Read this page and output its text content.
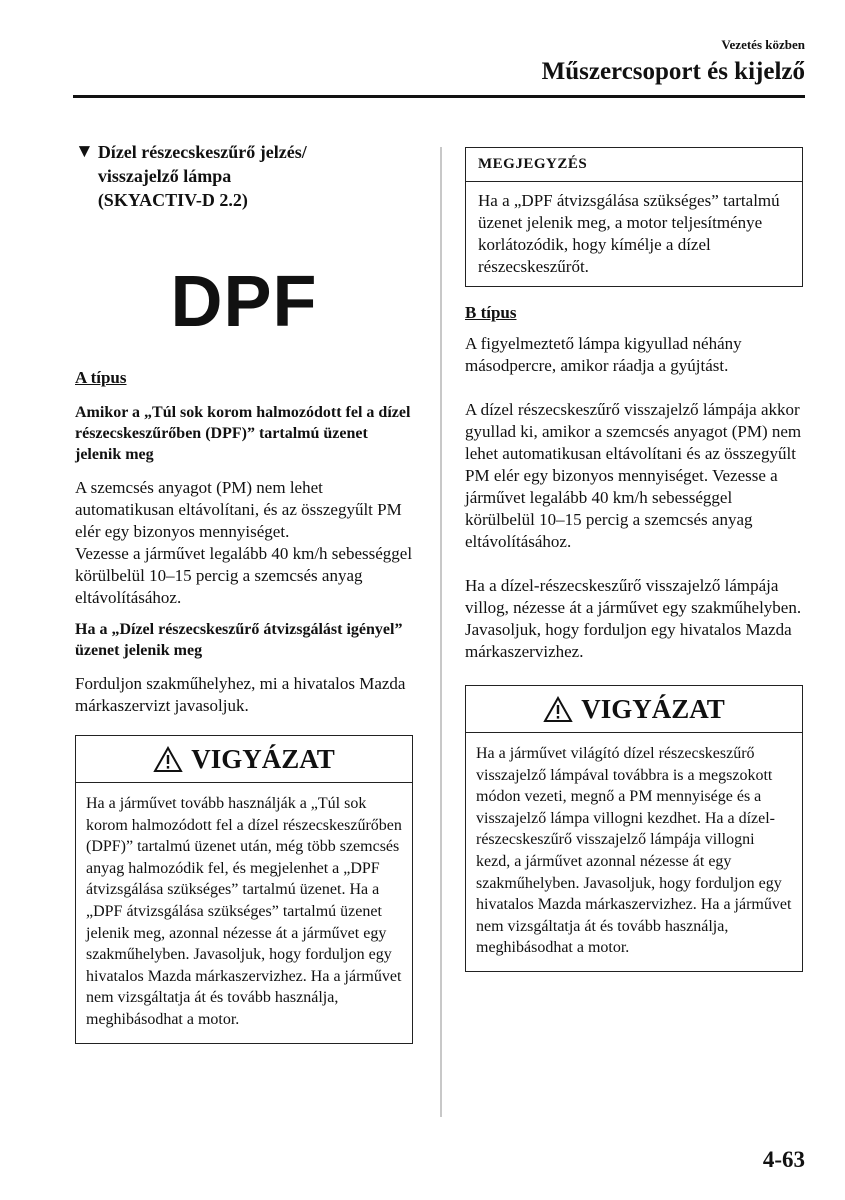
Vezetés közben
Műszercsoport és kijelző
▼ Dízel részecskeszűrő jelzés/
visszajelző lámpa
(SKYACTIV-D 2.2)
DPF
A típus

Amikor a „Túl sok korom halmozódott fel a dízel részecskeszűrőben (DPF)” tartalmú üzenet jelenik meg

A szemcsés anyagot (PM) nem lehet automatikusan eltávolítani, és az összegyűlt PM elér egy bizonyos mennyiséget.

Vezesse a járművet legalább 40 km/h sebességgel körülbelül 10–15 percig a szemcsés anyag eltávolításához.

Ha a „Dízel részecskeszűrő átvizsgálást igényel” üzenet jelenik meg

Forduljon szakműhelyhez, mi a hivatalos Mazda márkaszervizt javasoljuk.

VIGYÁZAT
Ha a járművet tovább használják a „Túl sok korom halmozódott fel a dízel részecskeszűrőben (DPF)” tartalmú üzenet után, még több szemcsés anyag halmozódik fel, és megjelenhet a „DPF átvizsgálása szükséges” tartalmú üzenet. Ha a „DPF átvizsgálása szükséges” tartalmú üzenet jelenik meg, azonnal nézesse át a járművet egy szakműhelyben. Javasoljuk, hogy forduljon egy hivatalos Mazda márkaszervizhez. Ha a járművet nem vizsgáltatja át és tovább használja, meghibásodhat a motor.
MEGJEGYZÉS
Ha a „DPF átvizsgálása szükséges” tartalmú üzenet jelenik meg, a motor teljesítménye korlátozódik, hogy kímélje a dízel részecskeszűrőt.
B típus

A figyelmeztető lámpa kigyullad néhány másodpercre, amikor ráadja a gyújtást.

A dízel részecskeszűrő visszajelző lámpája akkor gyullad ki, amikor a szemcsés anyagot (PM) nem lehet automatikusan eltávolítani és az összegyűlt PM elér egy bizonyos mennyiséget. Vezesse a járművet legalább 40 km/h sebességgel körülbelül 10–15 percig a szemcsés anyag eltávolításához.

Ha a dízel-részecskeszűrő visszajelző lámpája villog, nézesse át a járművet egy szakműhelyben. Javasoljuk, hogy forduljon egy hivatalos Mazda márkaszervizhez.

VIGYÁZAT
Ha a járművet világító dízel részecskeszűrő visszajelző lámpával továbbra is a megszokott módon vezeti, megnő a PM mennyisége és a visszajelző lámpa villogni kezdhet. Ha a dízel-részecskeszűrő visszajelző lámpája villogni kezd, a járművet azonnal nézesse át egy szakműhelyben. Javasoljuk, hogy forduljon egy hivatalos Mazda márkaszervizhez. Ha a járművet nem vizsgáltatja át és tovább használja, meghibásodhat a motor.
4-63
